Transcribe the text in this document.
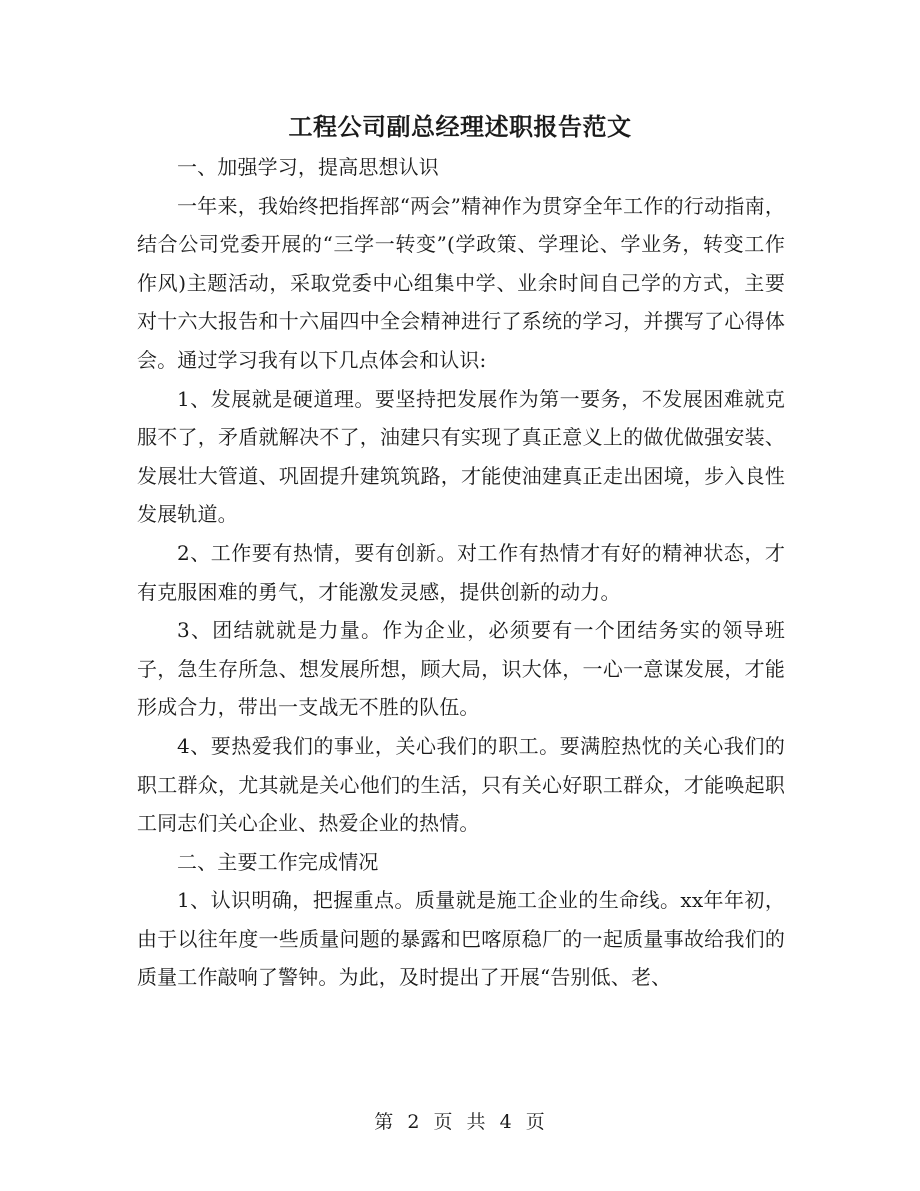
工程公司副总经理述职报告范文

一、加强学习，提高思想认识

一年来，我始终把指挥部“两会”精神作为贯穿全年工作的行动指南，结合公司党委开展的“三学一转变”(学政策、学理论、学业务，转变工作作风)主题活动，采取党委中心组集中学、业余时间自己学的方式，主要对十六大报告和十六届四中全会精神进行了系统的学习，并撰写了心得体会。通过学习我有以下几点体会和认识:

1、发展就是硬道理。要坚持把发展作为第一要务，不发展困难就克服不了，矛盾就解决不了，油建只有实现了真正意义上的做优做强安装、发展壮大管道、巩固提升建筑筑路，才能使油建真正走出困境，步入良性发展轨道。

2、工作要有热情，要有创新。对工作有热情才有好的精神状态，才有克服困难的勇气，才能激发灵感，提供创新的动力。

3、团结就就是力量。作为企业，必须要有一个团结务实的领导班子，急生存所急、想发展所想，顾大局，识大体，一心一意谋发展，才能形成合力，带出一支战无不胜的队伍。

4、要热爱我们的事业，关心我们的职工。要满腔热忱的关心我们的职工群众，尤其就是关心他们的生活，只有关心好职工群众，才能唤起职工同志们关心企业、热爱企业的热情。

二、主要工作完成情况

1、认识明确，把握重点。质量就是施工企业的生命线。xx年年初，由于以往年度一些质量问题的暴露和巴喀原稳厂的一起质量事故给我们的质量工作敲响了警钟。为此，及时提出了开展“告别低、老、

第 2 页 共 4 页
